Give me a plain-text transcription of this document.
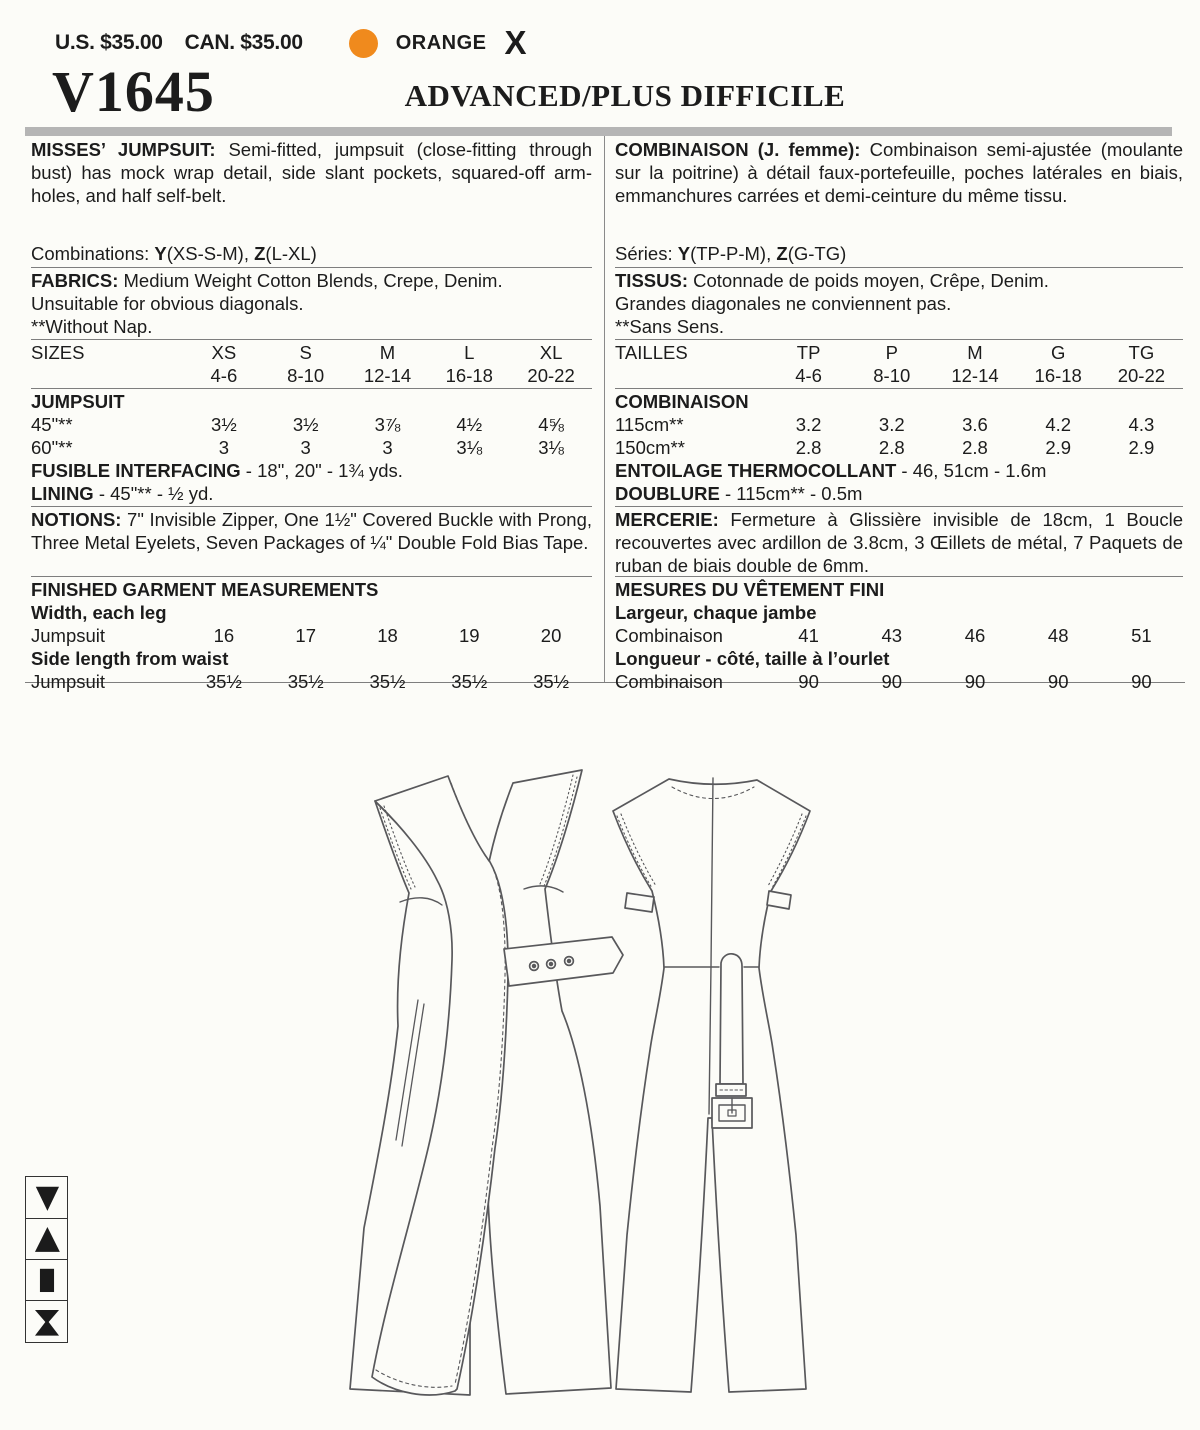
U.S. $35.00 CAN. $35.00	ORANGE X
V1645	ADVANCED/PLUS DIFFICILE
MISSES’ JUMPSUIT: Semi-fitted, jumpsuit (close-fitting through bust) has mock wrap detail, side slant pockets, squared-off arm-holes, and half self-belt.
Combinations: Y(XS-S-M), Z(L-XL)
FABRICS: Medium Weight Cotton Blends, Crepe, Denim.
Unsuitable for obvious diagonals.
**Without Nap.
SIZES	XS	S	M	L	XL
4-6	8-10	12-14	16-18	20-22
JUMPSUIT
45"**	3½	3½	3⅞	4½	4⅝
60"**	3	3	3	3⅛	3⅛
FUSIBLE INTERFACING - 18", 20" - 1¾ yds.
LINING - 45"** - ½ yd.
NOTIONS: 7" Invisible Zipper, One 1½" Covered Buckle with Prong, Three Metal Eyelets, Seven Packages of ¼" Double Fold Bias Tape.
FINISHED GARMENT MEASUREMENTS
Width, each leg
Jumpsuit	16	17	18	19	20
Side length from waist
Jumpsuit	35½	35½	35½	35½	35½
COMBINAISON (J. femme): Combinaison semi-ajustée (moulante sur la poitrine) à détail faux-portefeuille, poches latérales en biais, emmanchures carrées et demi-ceinture du même tissu.
Séries: Y(TP-P-M), Z(G-TG)
TISSUS: Cotonnade de poids moyen, Crêpe, Denim.
Grandes diagonales ne conviennent pas.
**Sans Sens.
TAILLES	TP	P	M	G	TG
4-6	8-10	12-14	16-18	20-22
COMBINAISON
115cm**	3.2	3.2	3.6	4.2	4.3
150cm**	2.8	2.8	2.8	2.9	2.9
ENTOILAGE THERMOCOLLANT - 46, 51cm - 1.6m
DOUBLURE - 115cm** - 0.5m
MERCERIE: Fermeture à Glissière invisible de 18cm, 1 Boucle recouvertes avec ardillon de 3.8cm, 3 Œillets de métal, 7 Paquets de ruban de biais double de 6mm.
MESURES DU VÊTEMENT FINI
Largeur, chaque jambe
Combinaison	41	43	46	48	51
Longueur - côté, taille à l’ourlet
Combinaison	90	90	90	90	90
